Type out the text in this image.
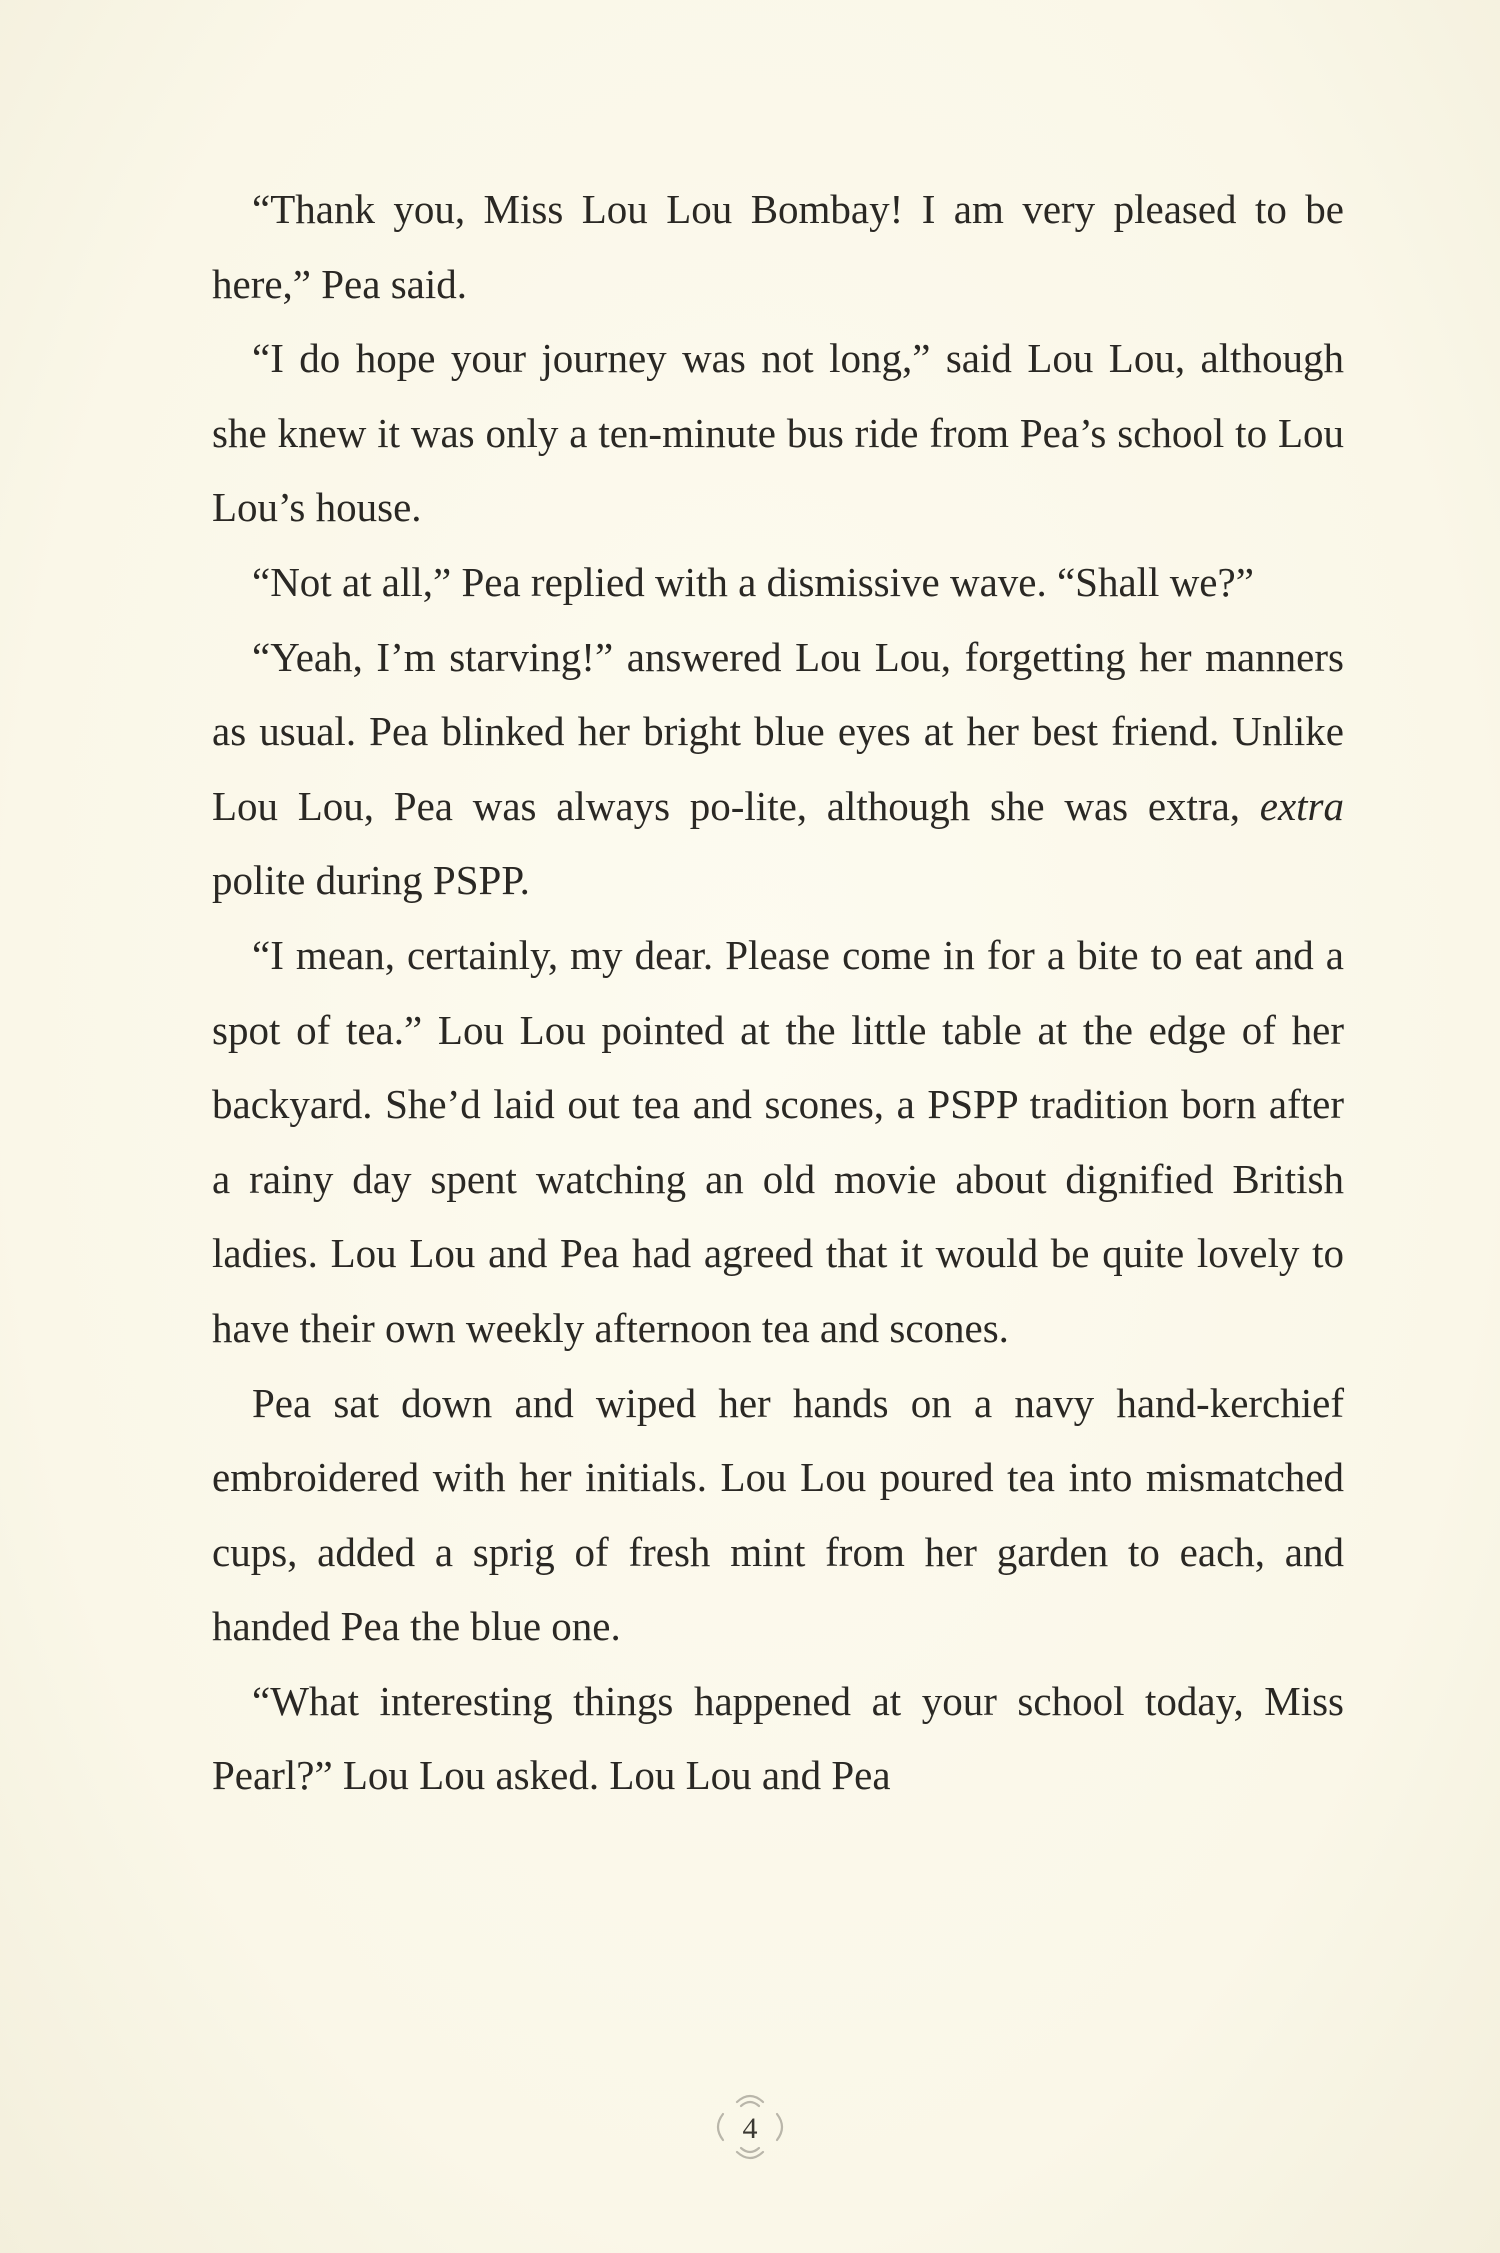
“Thank you, Miss Lou Lou Bombay! I am very pleased to be here,” Pea said.

“I do hope your journey was not long,” said Lou Lou, although she knew it was only a ten-minute bus ride from Pea’s school to Lou Lou’s house.

“Not at all,” Pea replied with a dismissive wave. “Shall we?”

“Yeah, I’m starving!” answered Lou Lou, forgetting her manners as usual. Pea blinked her bright blue eyes at her best friend. Unlike Lou Lou, Pea was always po-lite, although she was extra, extra polite during PSPP.

“I mean, certainly, my dear. Please come in for a bite to eat and a spot of tea.” Lou Lou pointed at the little table at the edge of her backyard. She’d laid out tea and scones, a PSPP tradition born after a rainy day spent watching an old movie about dignified British ladies. Lou Lou and Pea had agreed that it would be quite lovely to have their own weekly afternoon tea and scones.

Pea sat down and wiped her hands on a navy hand-kerchief embroidered with her initials. Lou Lou poured tea into mismatched cups, added a sprig of fresh mint from her garden to each, and handed Pea the blue one.

“What interesting things happened at your school today, Miss Pearl?” Lou Lou asked. Lou Lou and Pea

4
